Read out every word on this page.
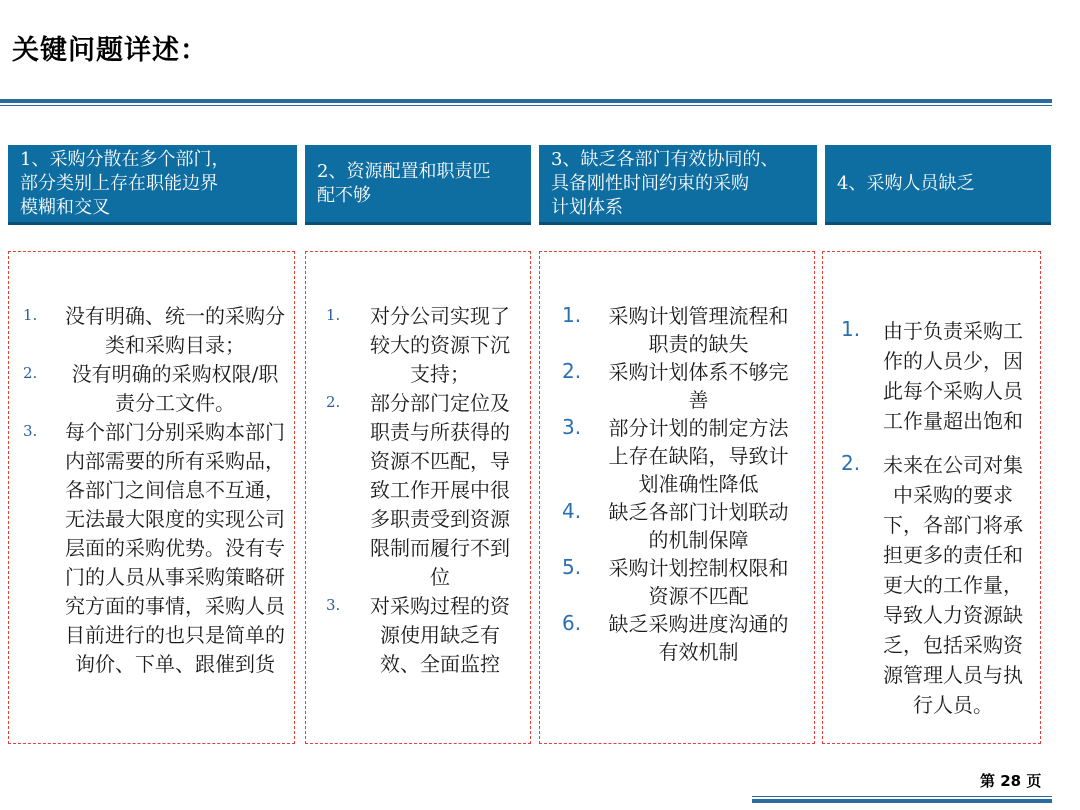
关键问题详述：
1、采购分散在多个部门，
部分类别上存在职能边界
模糊和交叉
2、资源配置和职责匹
配不够
3、缺乏各部门有效协同的、
具备刚性时间约束的采购
计划体系
4、采购人员缺乏
1. 没有明确、统一的采购分类和采购目录；
2.	没有明确的采购权限/职责分工文件。
3. 每个部门分别采购本部门内部需要的所有采购品，各部门之间信息不互通，无法最大限度的实现公司层面的采购优势。没有专门的人员从事采购策略研究方面的事情，采购人员目前进行的也只是简单的询价、下单、跟催到货
1. 对分公司实现了较大的资源下沉支持；
2. 部分部门定位及职责与所获得的资源不匹配，导致工作开展中很多职责受到资源限制而履行不到位
3. 对采购过程的资源使用缺乏有效、全面监控
1.	采购计划管理流程和职责的缺失
2.	采购计划体系不够完善
3.	部分计划的制定方法上存在缺陷，导致计划准确性降低
4.	缺乏各部门计划联动的机制保障
5.	采购计划控制权限和资源不匹配
6.	缺乏采购进度沟通的有效机制
1.	由于负责采购工作的人员少，因此每个采购人员工作量超出饱和
2.	未来在公司对集中采购的要求下，各部门将承担更多的责任和更大的工作量，导致人力资源缺乏，包括采购资源管理人员与执行人员。
第 28 页
